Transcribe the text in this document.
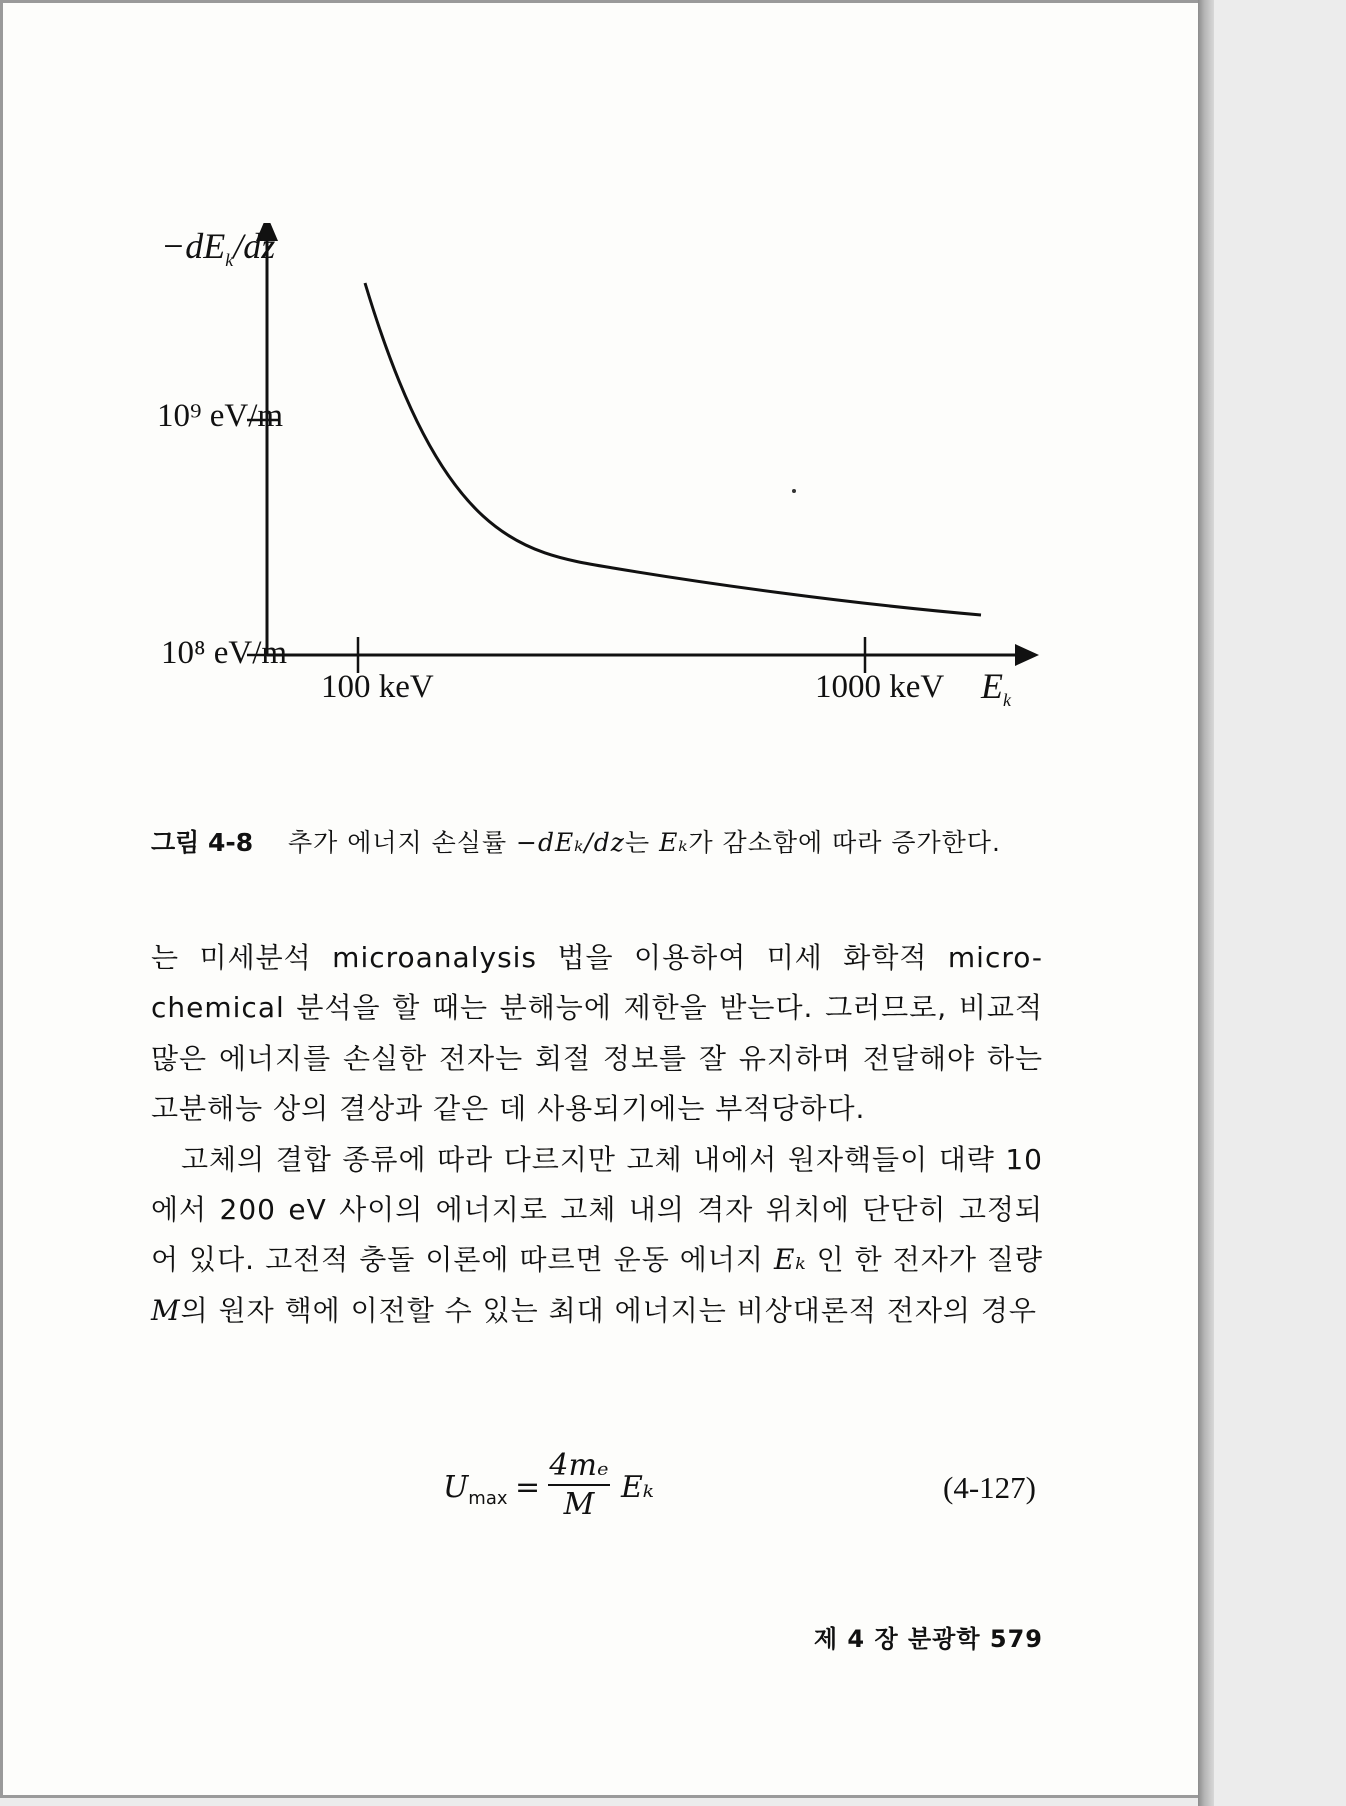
$-dE_k/dz$
10⁹ eV/m
10⁸ eV/m
100 keV	1000 keV $E_k$
그림 4-8 추가 에너지 손실률 −dEₖ/dz는 Eₖ가 감소함에 따라 증가한다.

는 미세분석 microanalysis 법을 이용하여 미세 화학적 micro-chemical 분석을 할 때는 분해능에 제한을 받는다. 그러므로, 비교적 많은 에너지를 손실한 전자는 회절 정보를 잘 유지하며 전달해야 하는 고분해능 상의 결상과 같은 데 사용되기에는 부적당하다.

고체의 결합 종류에 따라 다르지만 고체 내에서 원자핵들이 대략 10 에서 200 eV 사이의 에너지로 고체 내의 격자 위치에 단단히 고정되어 있다. 고전적 충돌 이론에 따르면 운동 에너지 Eₖ 인 한 전자가 질량 M의 원자 핵에 이전할 수 있는 최대 에너지는 비상대론적 전자의 경우

$U_{max} = \frac{\text{4mₑ}}{M}$ Eₖ	(4-127)
제 4 장 분광학 579
